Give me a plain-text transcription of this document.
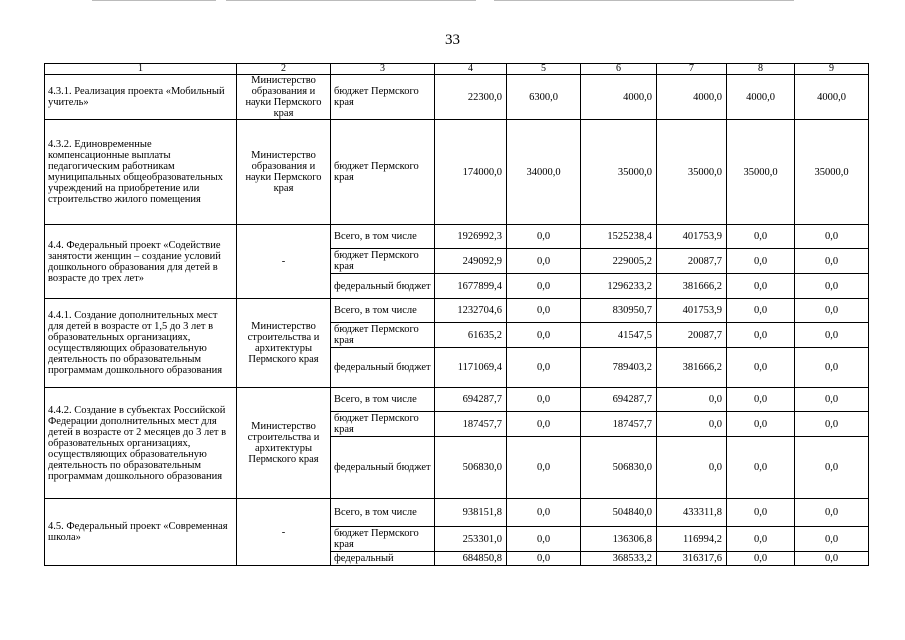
33
1	2	3	4	5	6	7	8	9
4.3.1. Реализация проекта «Мобильный учитель»	Министерство образования и науки Пермского края	бюджет Пермского края	22300,0	6300,0	4000,0	4000,0	4000,0	4000,0
4.3.2. Единовременные компенсационные выплаты педагогическим работникам муниципальных общеобразовательных учреждений на приобретение или строительство жилого помещения	Министерство образования и науки Пермского края	бюджет Пермского края	174000,0	34000,0	35000,0	35000,0	35000,0	35000,0
4.4. Федеральный проект «Содействие занятости женщин – создание условий дошкольного образования для детей в возрасте до трех лет»	-	Всего, в том числе	1926992,3	0,0	1525238,4	401753,9	0,0	0,0
		бюджет Пермского края	249092,9	0,0	229005,2	20087,7	0,0	0,0
		федеральный бюджет	1677899,4	0,0	1296233,2	381666,2	0,0	0,0
4.4.1. Создание дополнительных мест для детей в возрасте от 1,5 до 3 лет в образовательных организациях, осуществляющих образовательную деятельность по образовательным программам дошкольного образования	Министерство строительства и архитектуры Пермского края	Всего, в том числе	1232704,6	0,0	830950,7	401753,9	0,0	0,0
		бюджет Пермского края	61635,2	0,0	41547,5	20087,7	0,0	0,0
		федеральный бюджет	1171069,4	0,0	789403,2	381666,2	0,0	0,0
4.4.2. Создание в субъектах Российской Федерации дополнительных мест для детей в возрасте от 2 месяцев до 3 лет в образовательных организациях, осуществляющих образовательную деятельность по образовательным программам дошкольного образования	Министерство строительства и архитектуры Пермского края	Всего, в том числе	694287,7	0,0	694287,7	0,0	0,0	0,0
		бюджет Пермского края	187457,7	0,0	187457,7	0,0	0,0	0,0
		федеральный бюджет	506830,0	0,0	506830,0	0,0	0,0	0,0
4.5. Федеральный проект «Современная школа»	-	Всего, в том числе	938151,8	0,0	504840,0	433311,8	0,0	0,0
		бюджет Пермского края	253301,0	0,0	136306,8	116994,2	0,0	0,0
		федеральный	684850,8	0,0	368533,2	316317,6	0,0	0,0
